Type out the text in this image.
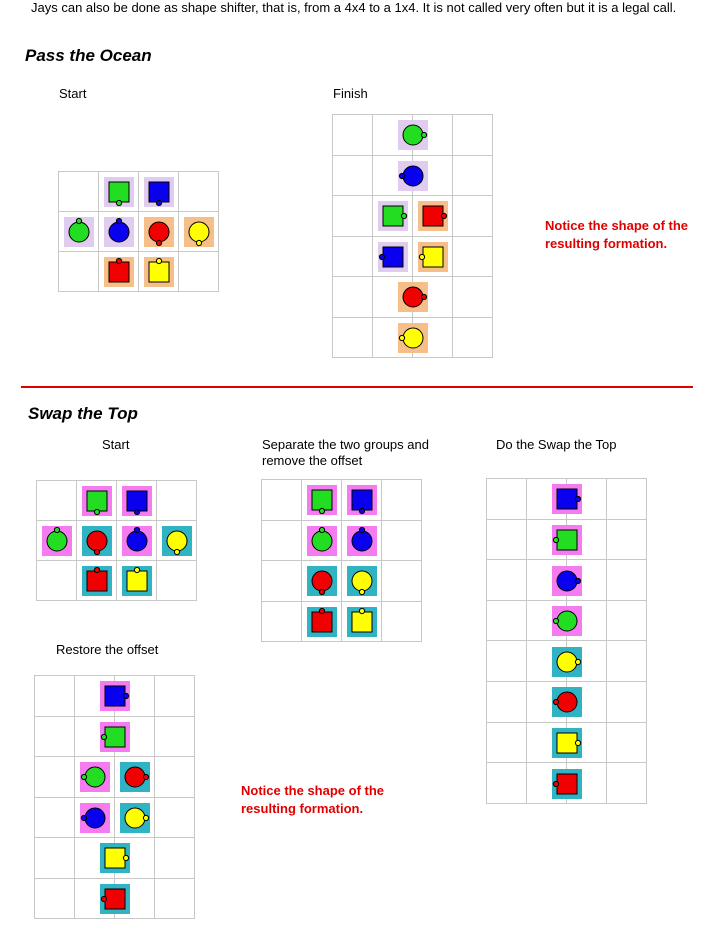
Jays can also be done as shape shifter, that is, from a 4x4 to a 1x4. It is not called very often but it is a legal call.
Pass the Ocean
Start	Finish
Notice the shape of the resulting formation.
Swap the Top
Start	Separate the two groups and remove the offset
Do the Swap the Top
Restore the offset
Notice the shape of the resulting formation.
